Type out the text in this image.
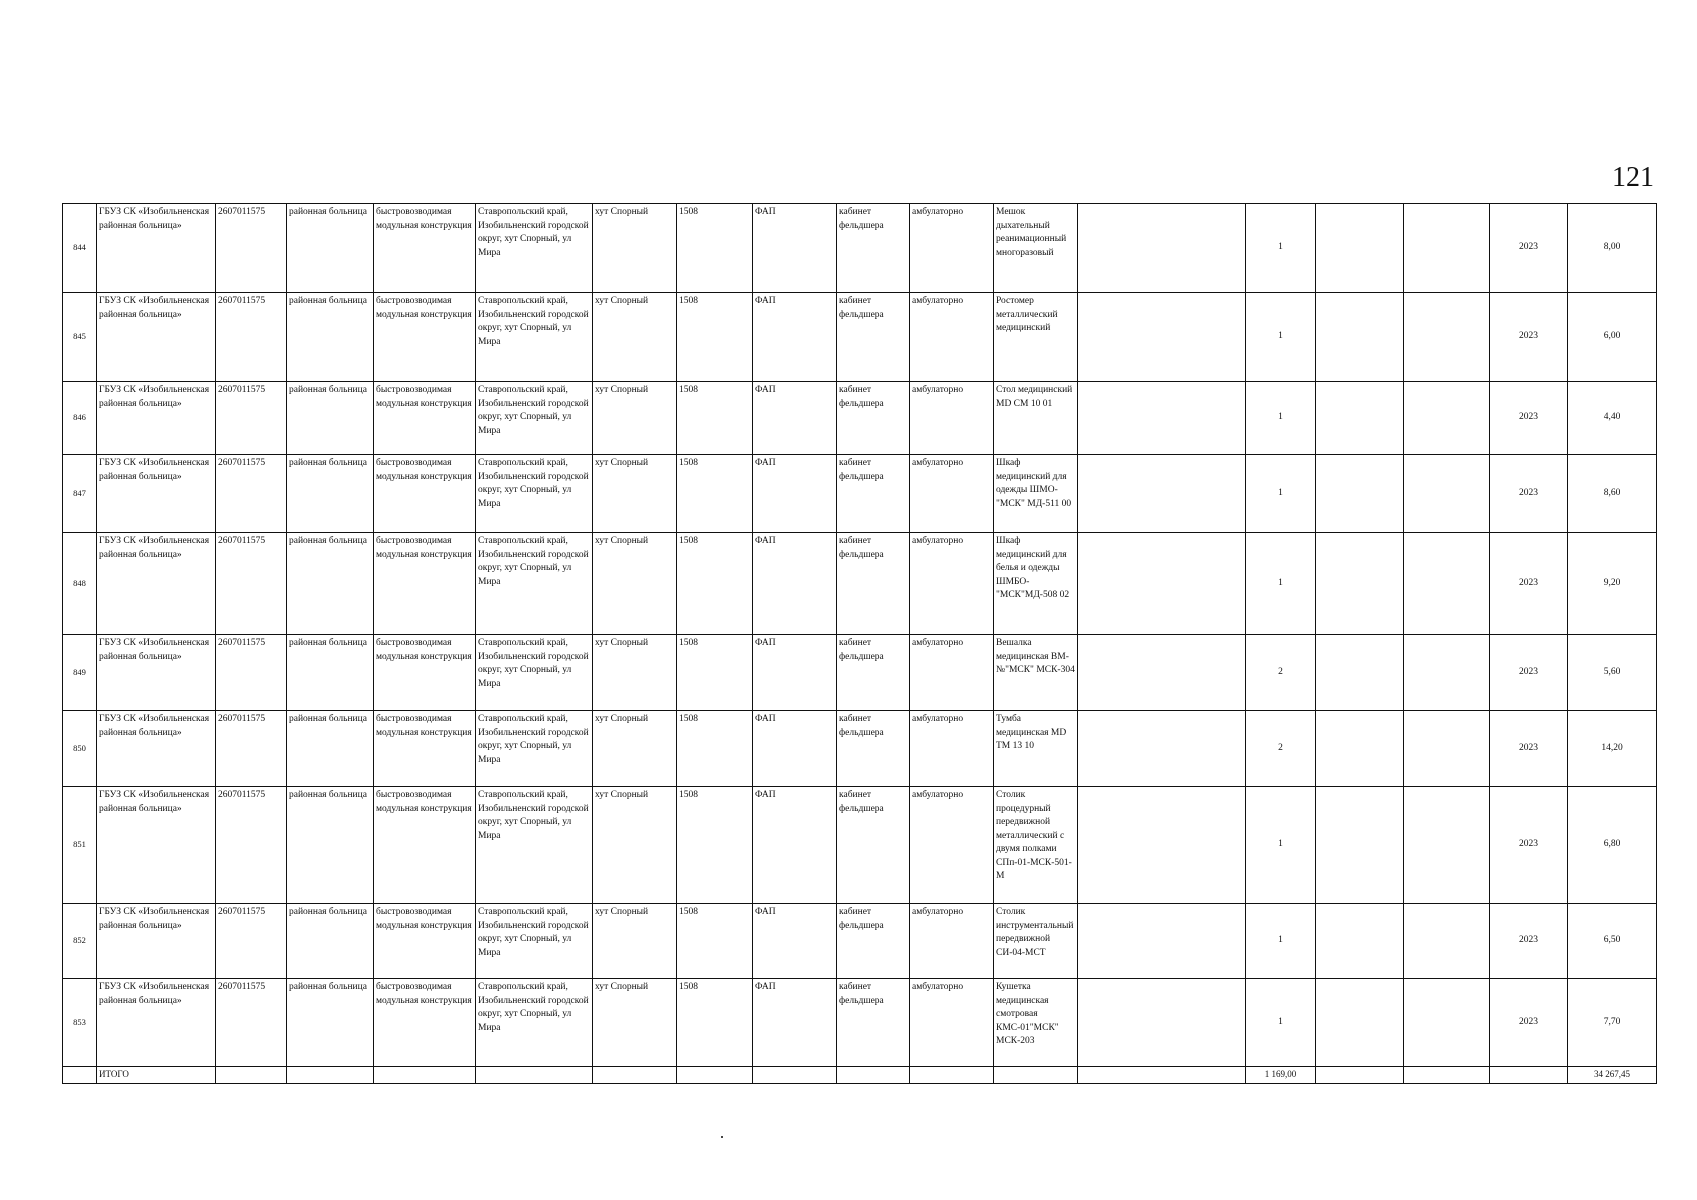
121
844	ГБУЗ СК «Изобильненская районная больница»	2607011575	районная больница	быстровозводимая модульная конструкция	Ставропольский край, Изобильненский городской округ, хут Спорный, ул Мира	хут Спорный	1508	ФАП	кабинет фельдшера	амбулаторно	Мешок дыхательный реанимационный многоразовый		1			2023	8,00
845	ГБУЗ СК «Изобильненская районная больница»	2607011575	районная больница	быстровозводимая модульная конструкция	Ставропольский край, Изобильненский городской округ, хут Спорный, ул Мира	хут Спорный	1508	ФАП	кабинет фельдшера	амбулаторно	Ростомер металлический медицинский		1			2023	6,00
846	ГБУЗ СК «Изобильненская районная больница»	2607011575	районная больница	быстровозводимая модульная конструкция	Ставропольский край, Изобильненский городской округ, хут Спорный, ул Мира	хут Спорный	1508	ФАП	кабинет фельдшера	амбулаторно	Стол медицинский MD CM 10 01		1			2023	4,40
847	ГБУЗ СК «Изобильненская районная больница»	2607011575	районная больница	быстровозводимая модульная конструкция	Ставропольский край, Изобильненский городской округ, хут Спорный, ул Мира	хут Спорный	1508	ФАП	кабинет фельдшера	амбулаторно	Шкаф медицинский для одежды ШМО-"МСК" МД-511 00		1			2023	8,60
848	ГБУЗ СК «Изобильненская районная больница»	2607011575	районная больница	быстровозводимая модульная конструкция	Ставропольский край, Изобильненский городской округ, хут Спорный, ул Мира	хут Спорный	1508	ФАП	кабинет фельдшера	амбулаторно	Шкаф медицинский для белья и одежды ШМБО-"МСК"МД-508 02		1			2023	9,20
849	ГБУЗ СК «Изобильненская районная больница»	2607011575	районная больница	быстровозводимая модульная конструкция	Ставропольский край, Изобильненский городской округ, хут Спорный, ул Мира	хут Спорный	1508	ФАП	кабинет фельдшера	амбулаторно	Вешалка медицинская ВМ-№"МСК" МСК-304		2			2023	5,60
850	ГБУЗ СК «Изобильненская районная больница»	2607011575	районная больница	быстровозводимая модульная конструкция	Ставропольский край, Изобильненский городской округ, хут Спорный, ул Мира	хут Спорный	1508	ФАП	кабинет фельдшера	амбулаторно	Тумба медицинская MD TM 13 10		2			2023	14,20
851	ГБУЗ СК «Изобильненская районная больница»	2607011575	районная больница	быстровозводимая модульная конструкция	Ставропольский край, Изобильненский городской округ, хут Спорный, ул Мира	хут Спорный	1508	ФАП	кабинет фельдшера	амбулаторно	Столик процедурный передвижной металлический с двумя полками СПп-01-МСК-501-М		1			2023	6,80
852	ГБУЗ СК «Изобильненская районная больница»	2607011575	районная больница	быстровозводимая модульная конструкция	Ставропольский край, Изобильненский городской округ, хут Спорный, ул Мира	хут Спорный	1508	ФАП	кабинет фельдшера	амбулаторно	Столик инструментальный передвижной СИ-04-МСТ		1			2023	6,50
853	ГБУЗ СК «Изобильненская районная больница»	2607011575	районная больница	быстровозводимая модульная конструкция	Ставропольский край, Изобильненский городской округ, хут Спорный, ул Мира	хут Спорный	1508	ФАП	кабинет фельдшера	амбулаторно	Кушетка медицинская смотровая КМС-01"МСК" МСК-203		1			2023	7,70
	ИТОГО												1 169,00				34 267,45
